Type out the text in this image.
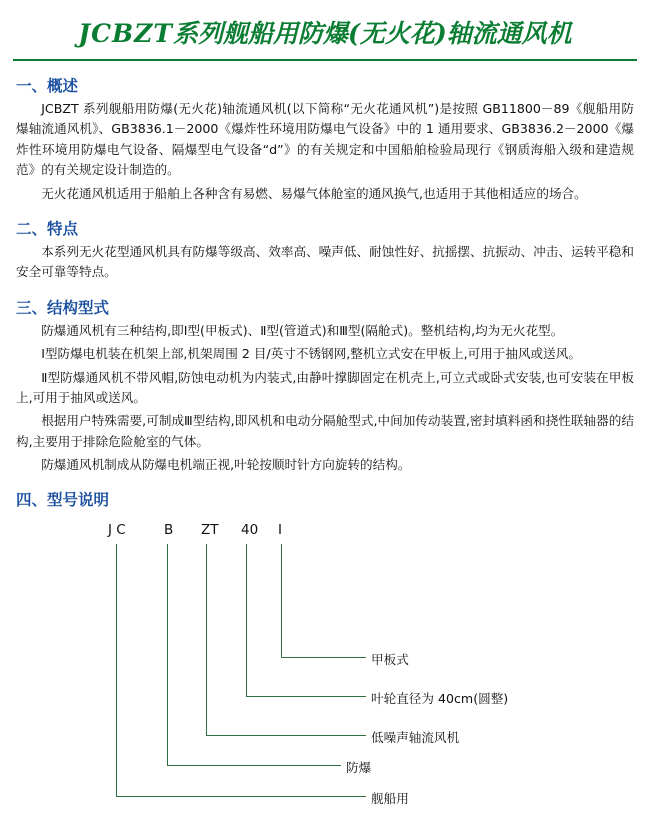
JCBZT系列舰船用防爆(无火花)轴流通风机
一、概述

JCBZT 系列舰船用防爆(无火花)轴流通风机(以下简称“无火花通风机”)是按照 GB11800－89《舰船用防爆轴流通风机》、GB3836.1－2000《爆炸性环境用防爆电气设备》中的 1 通用要求、GB3836.2－2000《爆炸性环境用防爆电气设备、隔爆型电气设备“d”》的有关规定和中国船舶检验局现行《钢质海船入级和建造规范》的有关规定设计制造的。

无火花通风机适用于船舶上各种含有易燃、易爆气体舱室的通风换气,也适用于其他相适应的场合。

二、特点

本系列无火花型通风机具有防爆等级高、效率高、噪声低、耐蚀性好、抗摇摆、抗振动、冲击、运转平稳和安全可靠等特点。

三、结构型式

防爆通风机有三种结构,即Ⅰ型(甲板式)、Ⅱ型(管道式)和Ⅲ型(隔舱式)。整机结构,均为无火花型。

Ⅰ型防爆电机装在机架上部,机架周围 2 目/英寸不锈钢网,整机立式安在甲板上,可用于抽风或送风。

Ⅱ型防爆通风机不带风帽,防蚀电动机为内装式,由静叶撑脚固定在机壳上,可立式或卧式安装,也可安装在甲板上,可用于抽风或送风。

根据用户特殊需要,可制成Ⅲ型结构,即风机和电动分隔舱型式,中间加传动装置,密封填料函和挠性联轴器的结构,主要用于排除危险舱室的气体。

防爆通风机制成从防爆电机端正视,叶轮按顺时针方向旋转的结构。

四、型号说明
J C	B ZT 40 Ⅰ
甲板式
叶轮直径为 40cm(圆整)
低噪声轴流风机
防爆
舰船用
